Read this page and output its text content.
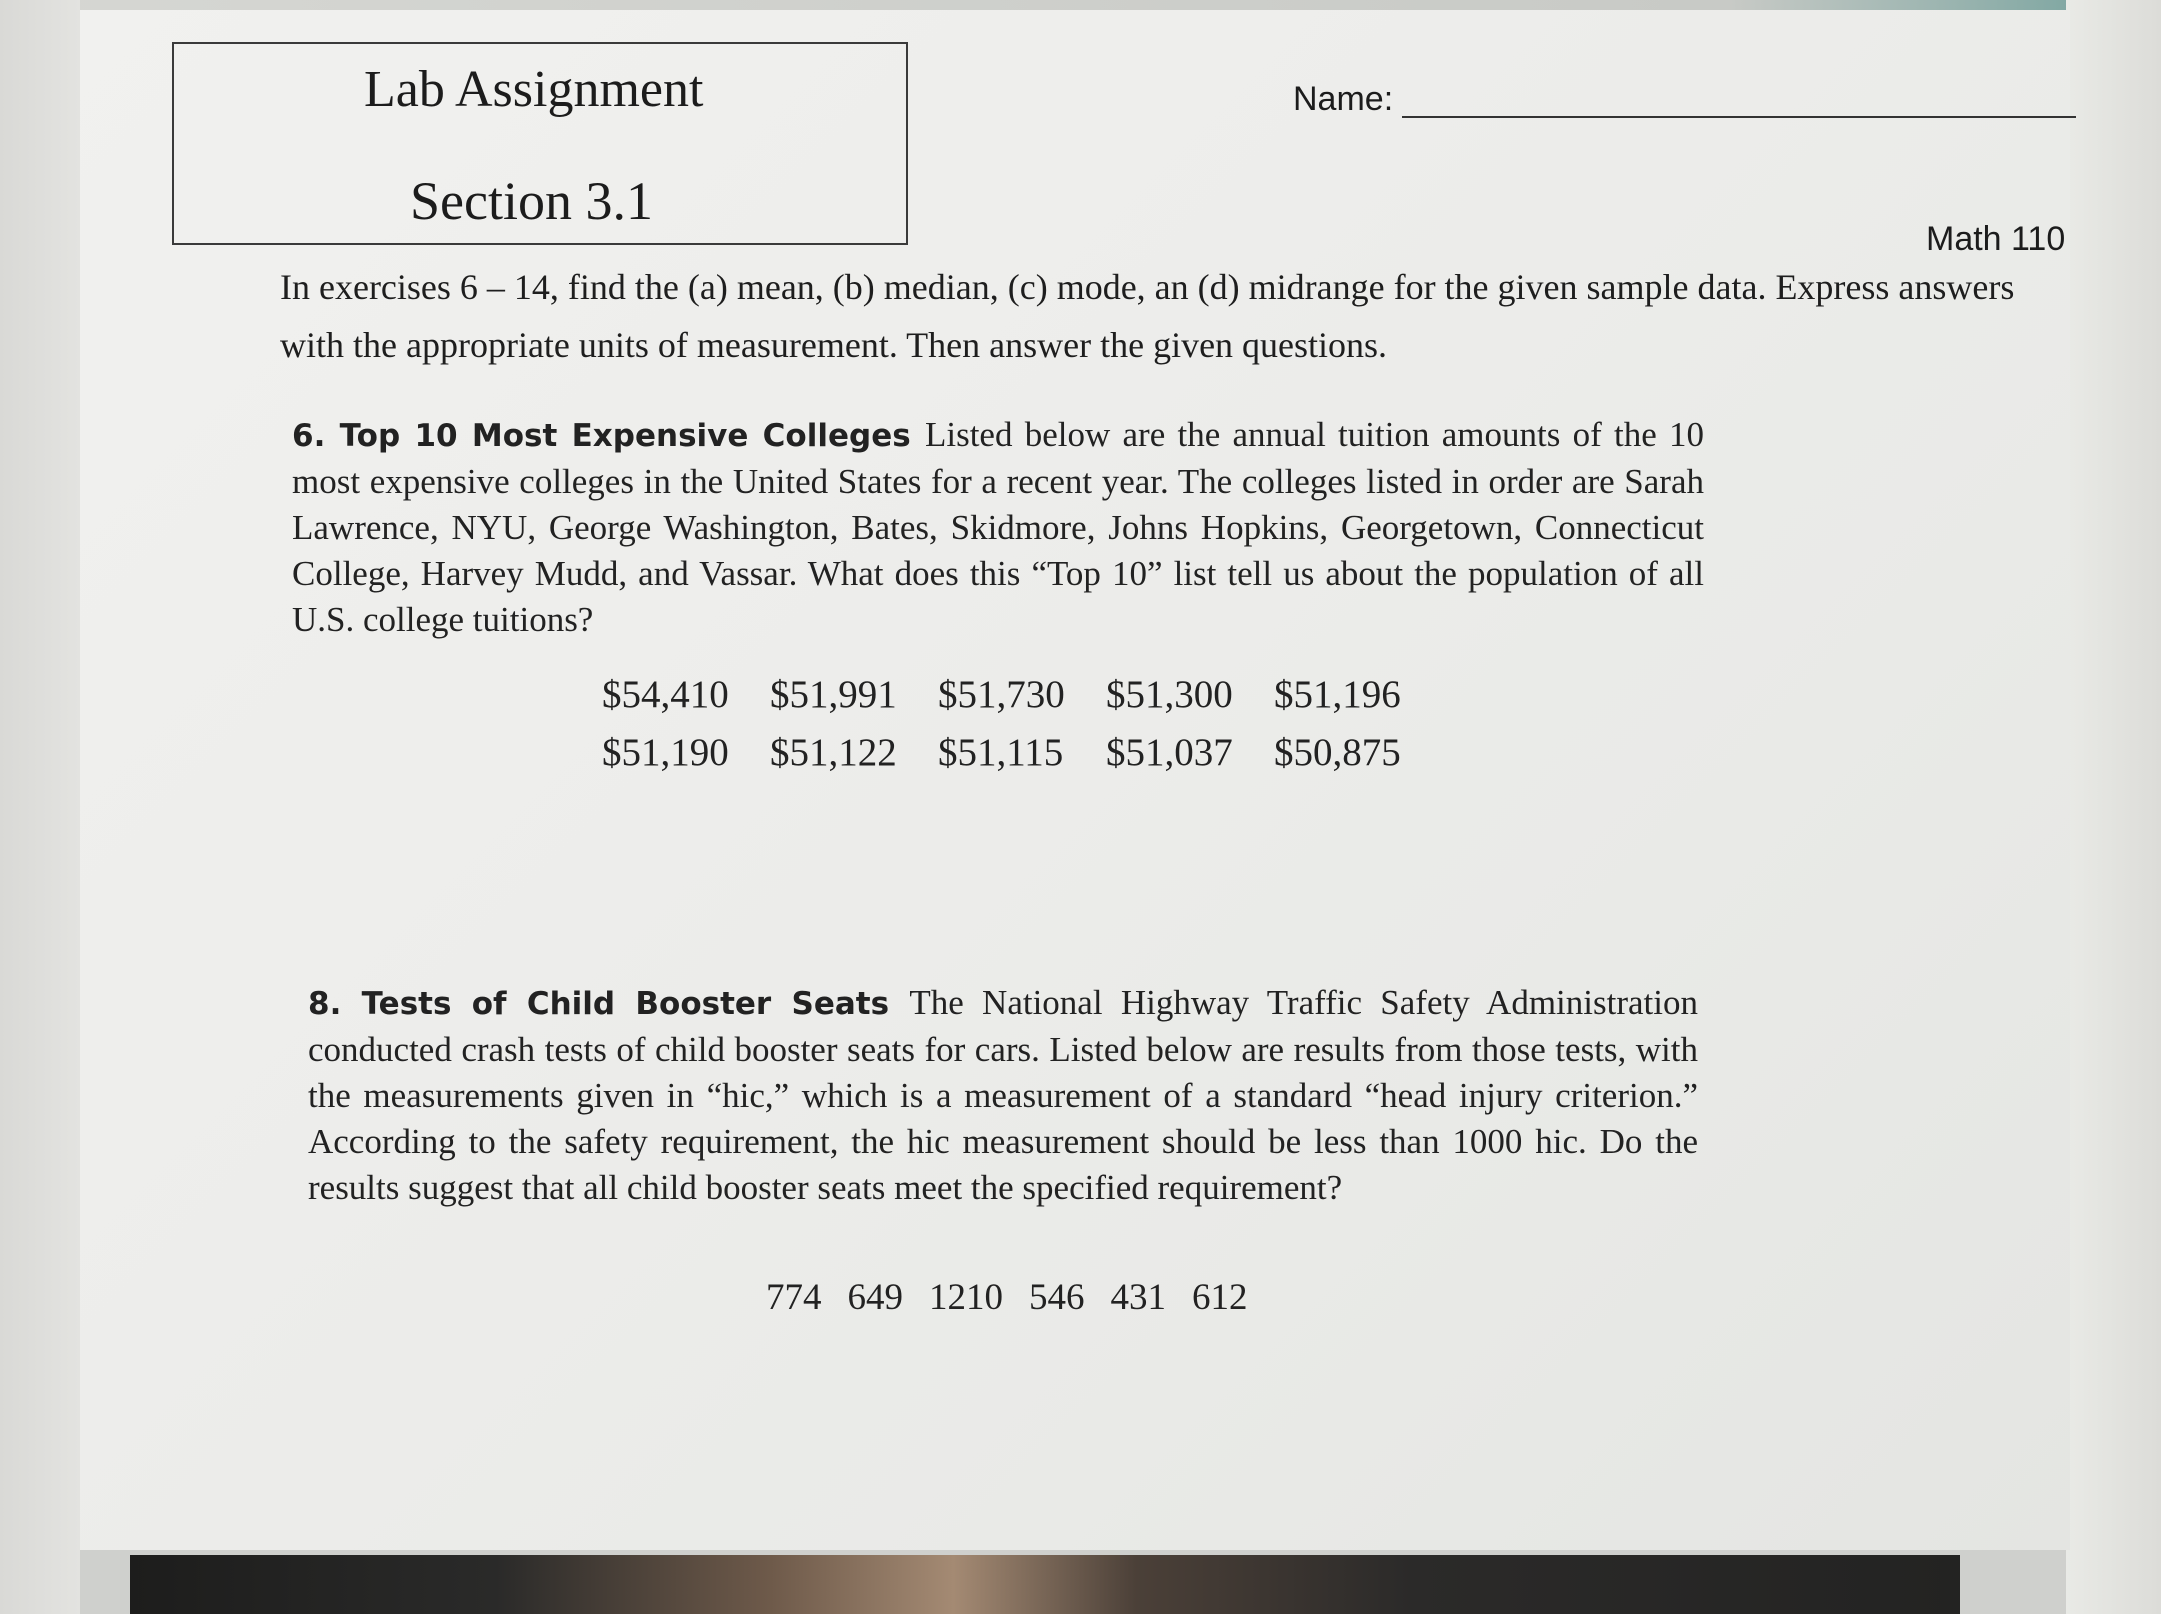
Lab Assignment
Section 3.1
Name:
Math 110
In exercises 6 – 14, find the (a) mean, (b) median, (c) mode, an (d) midrange for the given sample data. Express answers with the appropriate units of measurement. Then answer the given questions.
6. Top 10 Most Expensive Colleges Listed below are the annual tuition amounts of the 10 most expensive colleges in the United States for a recent year. The colleges listed in order are Sarah Lawrence, NYU, George Washington, Bates, Skidmore, Johns Hopkins, Georgetown, Connecticut College, Harvey Mudd, and Vassar. What does this “Top 10” list tell us about the population of all U.S. college tuitions?
$54,410	$51,991	$51,730	$51,300	$51,196
$51,190	$51,122	$51,115	$51,037	$50,875
8. Tests of Child Booster Seats The National Highway Traffic Safety Administration conducted crash tests of child booster seats for cars. Listed below are results from those tests, with the measurements given in “hic,” which is a measurement of a standard “head injury criterion.” According to the safety requirement, the hic measurement should be less than 1000 hic. Do the results suggest that all child booster seats meet the specified requirement?
774 649 1210 546 431 612
